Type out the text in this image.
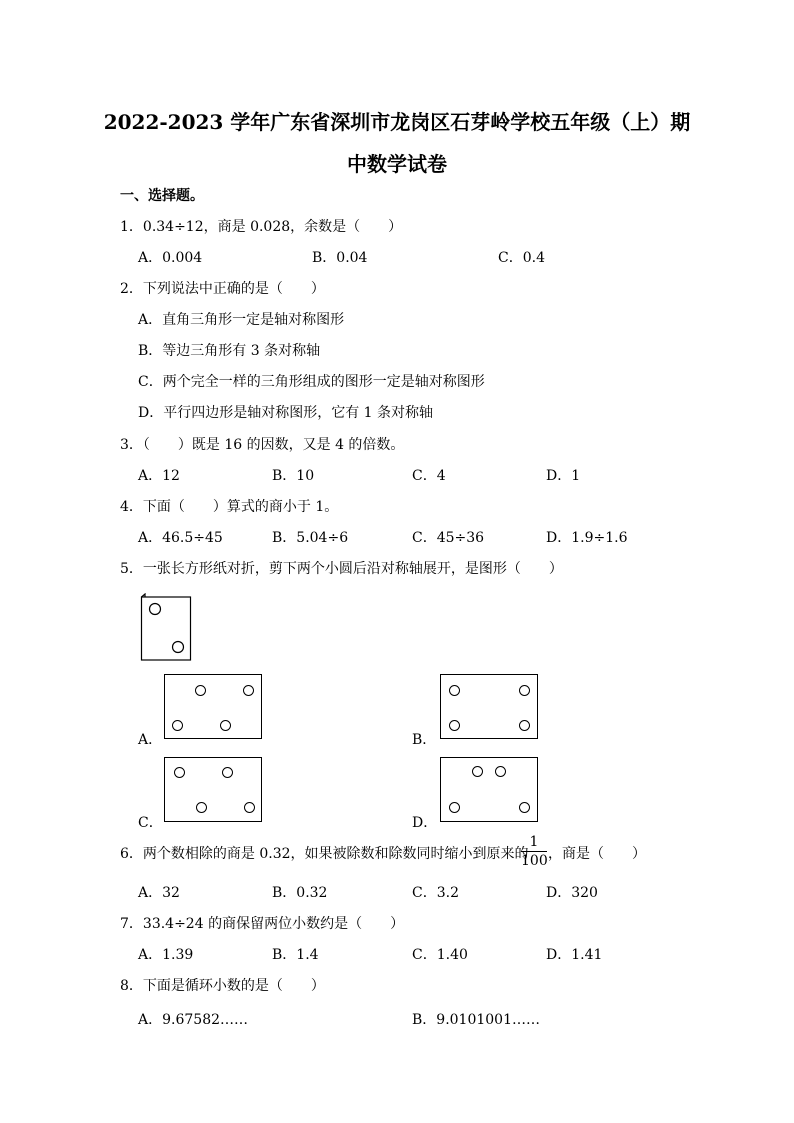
2022-2023 学年广东省深圳市龙岗区石芽岭学校五年级（上）期
中数学试卷
一、选择题。
1．0.34÷12，商是 0.028，余数是（　　）
A．0.004	B．0.04	C．0.4
2．下列说法中正确的是（　　）
A．直角三角形一定是轴对称图形
B．等边三角形有 3 条对称轴
C．两个完全一样的三角形组成的图形一定是轴对称图形
D．平行四边形是轴对称图形，它有 1 条对称轴
3．（　　）既是 16 的因数，又是 4 的倍数。
A．12	B．10	C．4	D．1
4．下面（　　）算式的商小于 1。
A．46.5÷45	B．5.04÷6	C．45÷36	D．1.9÷1.6
5．一张长方形纸对折，剪下两个小圆后沿对称轴展开，是图形（　　）
A．	B．
C．	D．
6．两个数相除的商是 0.32，如果被除数和除数同时缩小到原来的
1
100 ，商是（　　）
A．32	B．0.32	C．3.2	D．320
7．33.4÷24 的商保留两位小数约是（　　）
A．1.39	B．1.4	C．1.40	D．1.41
8．下面是循环小数的是（　　）
A．9.67582……	B．9.0101001……
